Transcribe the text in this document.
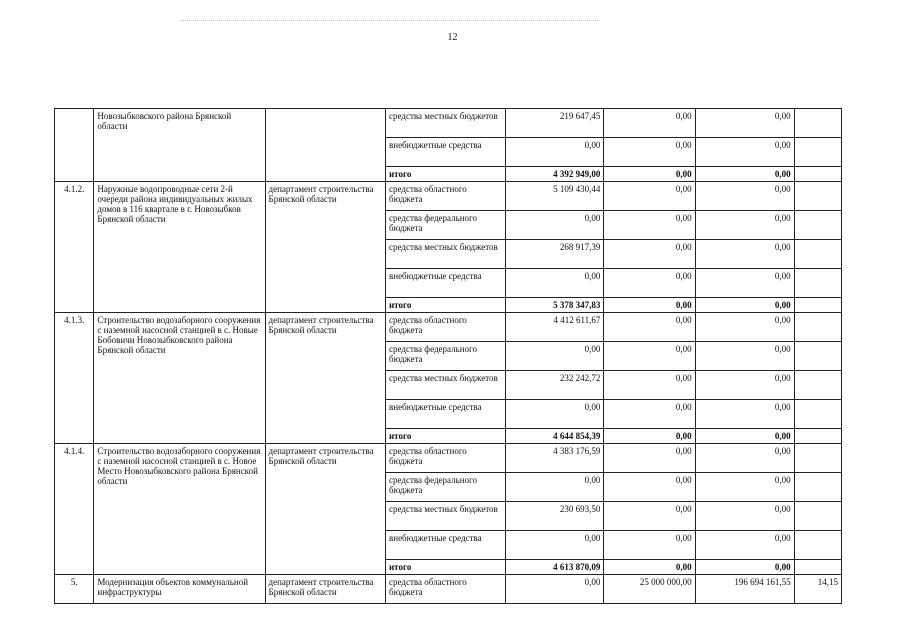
12
	Новозыбковского района Брянской области		средства местных бюджетов	219 647,45	0,00	0,00	
			внебюджетные средства	0,00	0,00	0,00	
			итого	4 392 949,00	0,00	0,00	
4.1.2.	Наружные водопроводные сети 2-й очереди района индивидуальных жилых домов в 116 квартале в г. Новозыбков Брянской области	департамент строительства Брянской области	средства областного бюджета	5 109 430,44	0,00	0,00	
			средства федерального бюджета	0,00	0,00	0,00	
			средства местных бюджетов	268 917,39	0,00	0,00	
			внебюджетные средства	0,00	0,00	0,00	
			итого	5 378 347,83	0,00	0,00	
4.1.3.	Строительство водозаборного сооружения с наземной насосной станцией в с. Новые Бобовичи Новозыбковского района Брянской области	департамент строительства Брянской области	средства областного бюджета	4 412 611,67	0,00	0,00	
			средства федерального бюджета	0,00	0,00	0,00	
			средства местных бюджетов	232 242,72	0,00	0,00	
			внебюджетные средства	0,00	0,00	0,00	
			итого	4 644 854,39	0,00	0,00	
4.1.4.	Строительство водозаборного сооружения с наземной насосной станцией в с. Новое Место Новозыбковского района Брянской области	департамент строительства Брянской области	средства областного бюджета	4 383 176,59	0,00	0,00	
			средства федерального бюджета	0,00	0,00	0,00	
			средства местных бюджетов	230 693,50	0,00	0,00	
			внебюджетные средства	0,00	0,00	0,00	
			итого	4 613 870,09	0,00	0,00	
5.	Модернизация объектов коммунальной инфраструктуры	департамент строительства Брянской области	средства областного бюджета	0,00	25 000 000,00	196 694 161,55	14,15
